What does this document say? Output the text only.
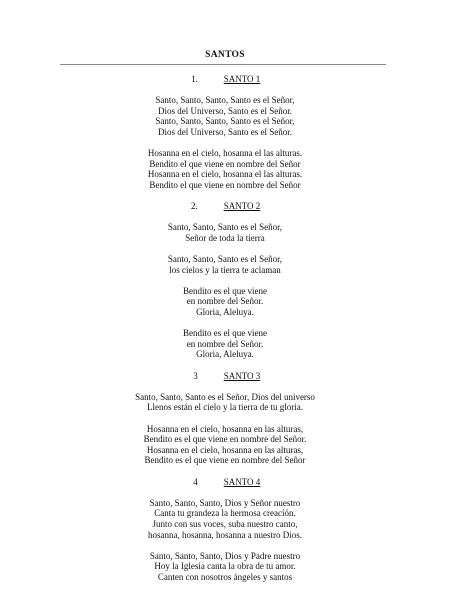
SANTOS
1.	SANTO 1
Santo, Santo, Santo, Santo es el Señor,
Dios del Universo, Santo es el Señor.
Santo, Santo, Santo, Santo es el Señor,
Dios del Universo, Santo es el Señor.
Hosanna en el cielo, hosanna el las alturas.
Bendito el que viene en nombre del Señor
Hosanna en el cielo, hosanna el las alturas.
Bendito el que viene en nombre del Señor
2.	SANTO 2
Santo, Santo, Santo es el Señor,
Señor de toda la tierra
Santo, Santo, Santo es el Señor,
los cielos y la tierra te aclaman
Bendito es el que viene
en nombre del Señor.
Gloria, Aleluya.
Bendito es el que viene
en nombre del Señor.
Gloria, Aleluya.
3	SANTO 3
Santo, Santo, Santo es el Señor, Dios del universo
Llenos están el cielo y la tierra de tu gloria.
Hosanna en el cielo, hosanna en las alturas,
Bendito es el que viene en nombre del Señor.
Hosanna en el cielo, hosanna en las alturas,
Bendito es el que viene en nombre del Señor
4	SANTO 4
Santo, Santo, Santo, Dios y Señor nuestro
Canta tu grandeza la hermosa creación.
Junto con sus voces, suba nuestro canto,
hosanna, hosanna, hosanna a nuestro Dios.
Santo, Santo, Santo, Dios y Padre nuestro
Hoy la Iglesia canta la obra de tu amor.
Canten con nosotros ángeles y santos
